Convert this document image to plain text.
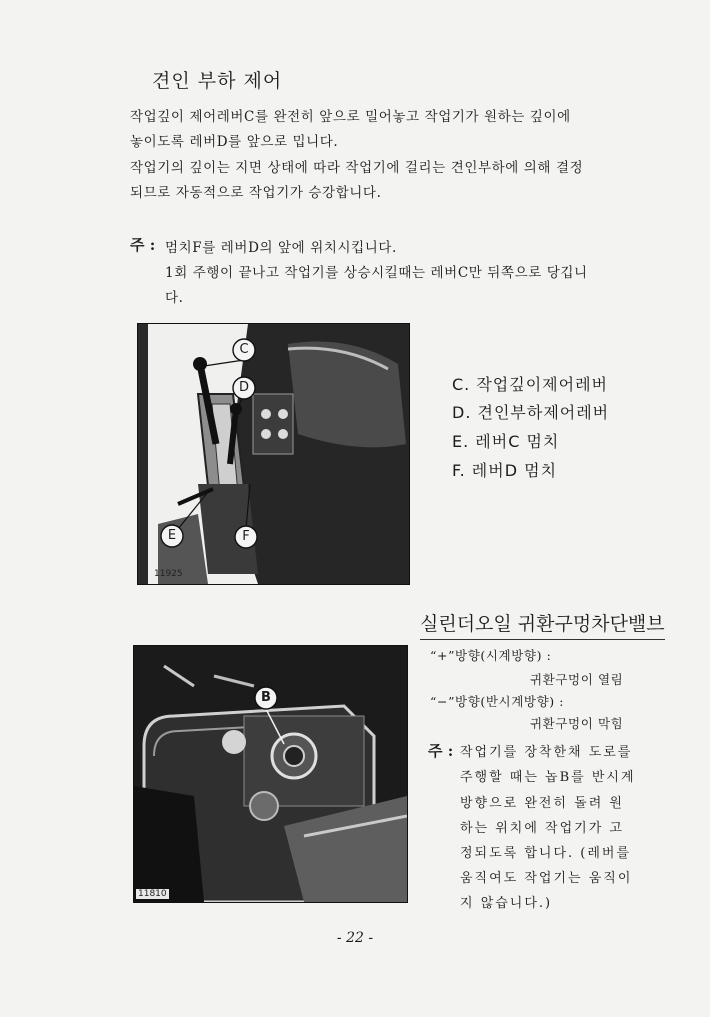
견인 부하 제어
작업깊이 제어레버C를 완전히 앞으로 밀어놓고 작업기가 원하는 깊이에
놓이도록 레버D를 앞으로 밉니다.
작업기의 깊이는 지면 상태에 따라 작업기에 걸리는 견인부하에 의해 결정
되므로 자동적으로 작업기가 승강합니다.
주 : 멈치F를 레버D의 앞에 위치시킵니다.
1회 주행이 끝나고 작업기를 상승시킬때는 레버C만 뒤쪽으로 당깁니
다.
C
D
E	F
11925
C. 작업깊이제어레버
D. 견인부하제어레버
E. 레버C 멈치
F. 레버D 멈치
실린더오일 귀환구멍차단밸브
B
11810
“+”방향(시계방향) :
귀환구멍이 열림
“−”방향(반시계방향) :
귀환구멍이 막힘
주 : 작업기를 장착한채 도로를
주행할 때는 놉B를 반시계
방향으로 완전히 돌려 원
하는 위치에 작업기가 고
정되도록 합니다. (레버를
움직여도 작업기는 움직이
지 않습니다.)
- 22 -
